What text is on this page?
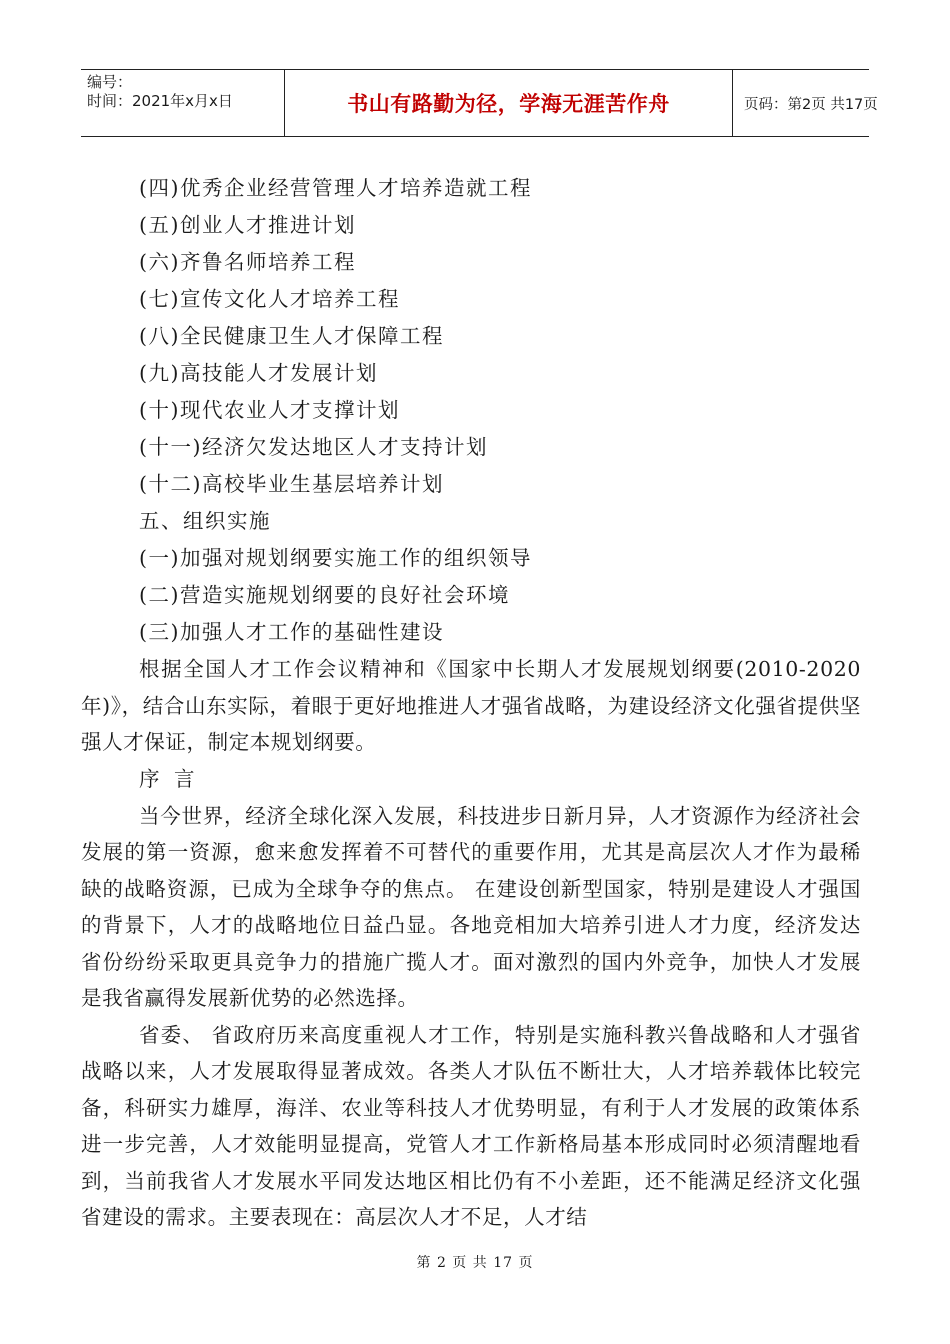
编号：
时间：2021年x月x日	书山有路勤为径，学海无涯苦作舟	页码：第2页 共17页

(四)优秀企业经营管理人才培养造就工程

(五)创业人才推进计划

(六)齐鲁名师培养工程

(七)宣传文化人才培养工程

(八)全民健康卫生人才保障工程

(九)高技能人才发展计划

(十)现代农业人才支撑计划

(十一)经济欠发达地区人才支持计划

(十二)高校毕业生基层培养计划

五、组织实施

(一)加强对规划纲要实施工作的组织领导

(二)营造实施规划纲要的良好社会环境

(三)加强人才工作的基础性建设

根据全国人才工作会议精神和《国家中长期人才发展规划纲要(2010-2020年)》，结合山东实际，着眼于更好地推进人才强省战略，为建设经济文化强省提供坚强人才保证，制定本规划纲要。

序 言

当今世界，经济全球化深入发展，科技进步日新月异，人才资源作为经济社会发展的第一资源，愈来愈发挥着不可替代的重要作用，尤其是高层次人才作为最稀缺的战略资源，已成为全球争夺的焦点。 在建设创新型国家，特别是建设人才强国的背景下，人才的战略地位日益凸显。各地竞相加大培养引进人才力度，经济发达省份纷纷采取更具竞争力的措施广揽人才。面对激烈的国内外竞争，加快人才发展是我省赢得发展新优势的必然选择。

省委、 省政府历来高度重视人才工作，特别是实施科教兴鲁战略和人才强省战略以来，人才发展取得显著成效。各类人才队伍不断壮大，人才培养载体比较完备，科研实力雄厚，海洋、农业等科技人才优势明显，有利于人才发展的政策体系进一步完善，人才效能明显提高，党管人才工作新格局基本形成同时必须清醒地看到，当前我省人才发展水平同发达地区相比仍有不小差距，还不能满足经济文化强省建设的需求。主要表现在：高层次人才不足，人才结

第 2 页 共 17 页
